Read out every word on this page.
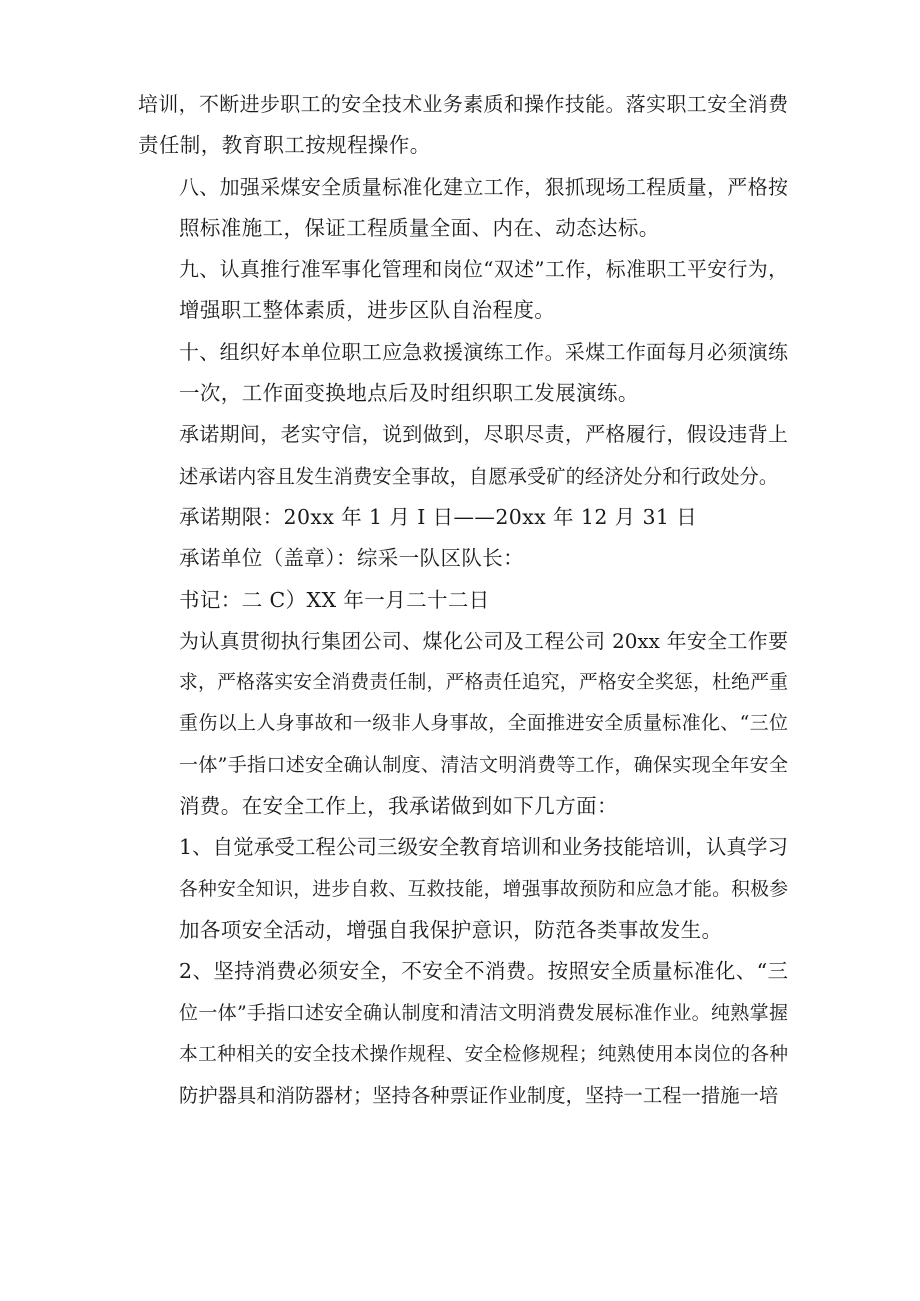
培训，不断进步职工的安全技术业务素质和操作技能。落实职工安全消费
责任制，教育职工按规程操作。

八、加强采煤安全质量标准化建立工作，狠抓现场工程质量，严格按
照标准施工，保证工程质量全面、内在、动态达标。

九、认真推行准军事化管理和岗位“双述”工作，标准职工平安行为，
增强职工整体素质，进步区队自治程度。

十、组织好本单位职工应急救援演练工作。采煤工作面每月必须演练
一次，工作面变换地点后及时组织职工发展演练。

承诺期间，老实守信，说到做到，尽职尽责，严格履行，假设违背上
述承诺内容且发生消费安全事故，自愿承受矿的经济处分和行政处分。

承诺期限：20xx 年 1 月 I 日——20xx 年 12 月 31 日

承诺单位（盖章）：综采一队区队长：

书记：二 C）XX 年一月二十二日

为认真贯彻执行集团公司、煤化公司及工程公司 20xx 年安全工作要
求，严格落实安全消费责任制，严格责任追究，严格安全奖惩，杜绝严重
重伤以上人身事故和一级非人身事故，全面推进安全质量标准化、“三位
一体”手指口述安全确认制度、清洁文明消费等工作，确保实现全年安全
消费。在安全工作上，我承诺做到如下几方面：

1、自觉承受工程公司三级安全教育培训和业务技能培训，认真学习
各种安全知识，进步自救、互救技能，增强事故预防和应急才能。积极参
加各项安全活动，增强自我保护意识，防范各类事故发生。

2、坚持消费必须安全，不安全不消费。按照安全质量标准化、“三
位一体”手指口述安全确认制度和清洁文明消费发展标准作业。纯熟掌握
本工种相关的安全技术操作规程、安全检修规程；纯熟使用本岗位的各种
防护器具和消防器材；坚持各种票证作业制度，坚持一工程一措施一培
